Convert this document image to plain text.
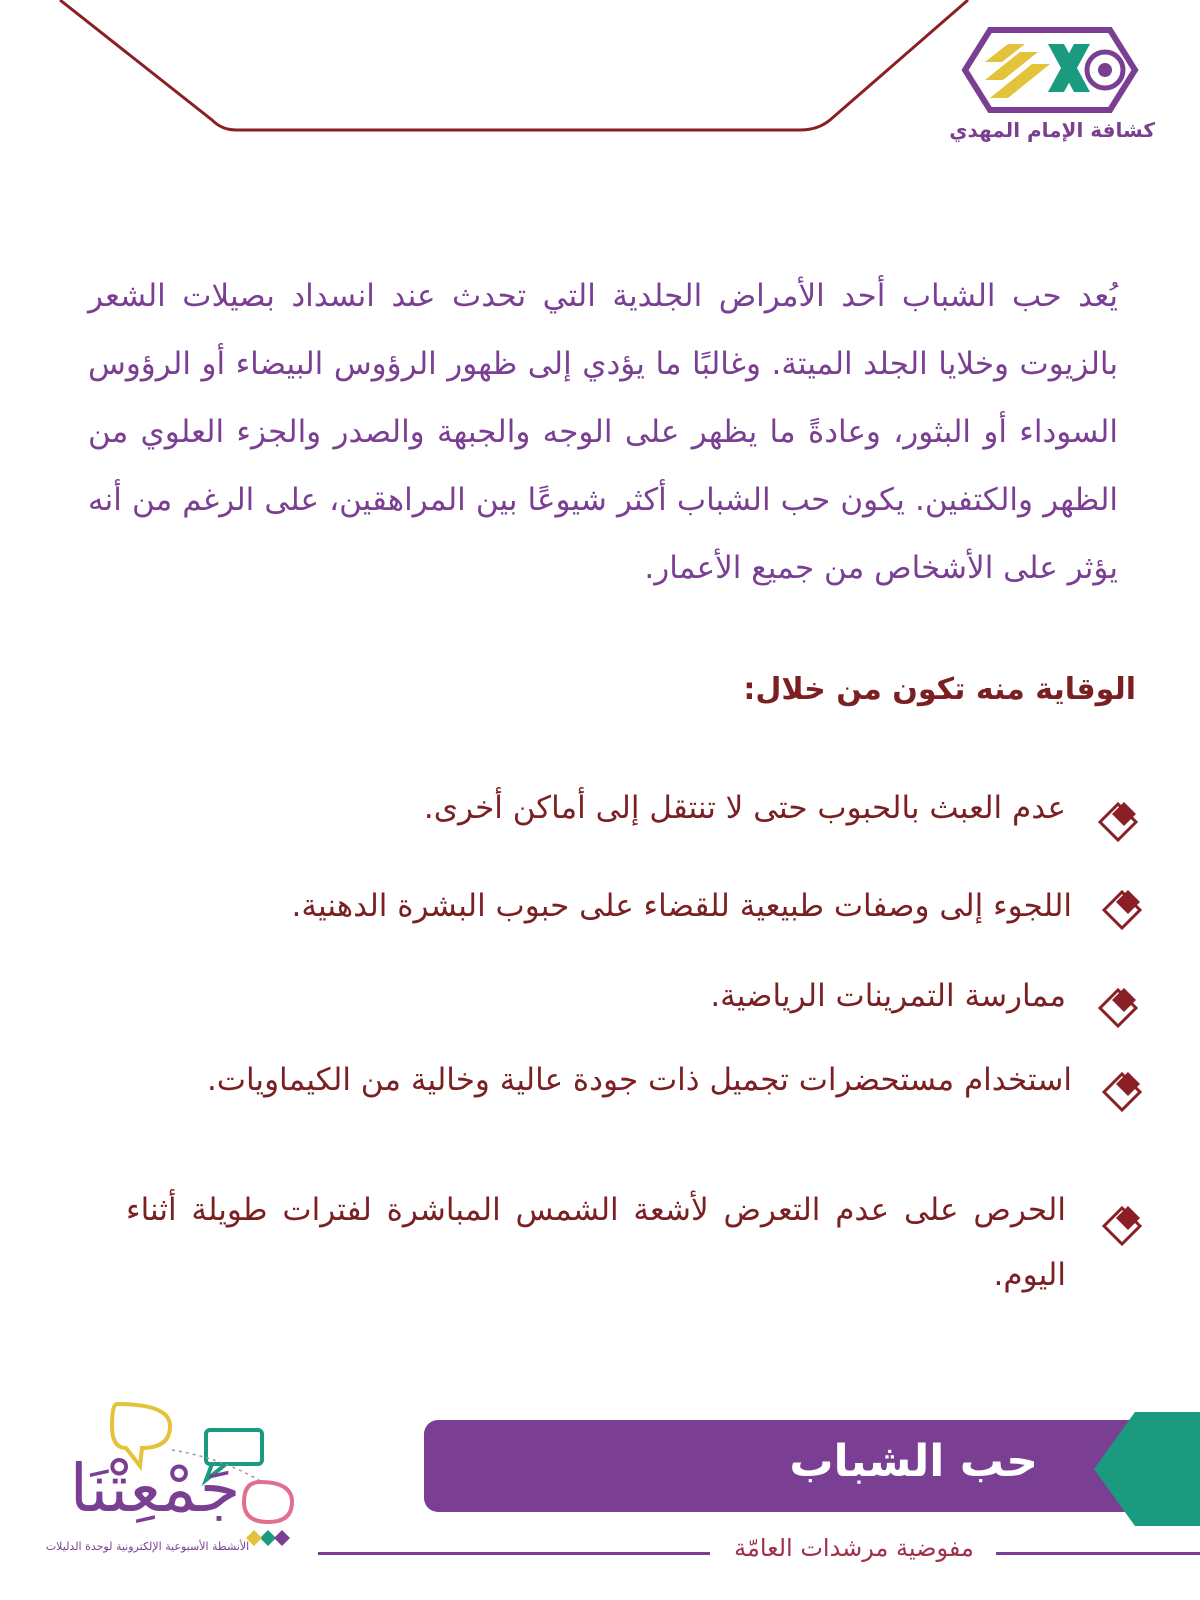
كشافة الإمام المهدي
يُعد حب الشباب أحد الأمراض الجلدية التي تحدث عند انسداد بصيلات الشعر بالزيوت وخلايا الجلد الميتة. وغالبًا ما يؤدي إلى ظهور الرؤوس البيضاء أو الرؤوس السوداء أو البثور، وعادةً ما يظهر على الوجه والجبهة والصدر والجزء العلوي من الظهر والكتفين. يكون حب الشباب أكثر شيوعًا بين المراهقين، على الرغم من أنه يؤثر على الأشخاص من جميع الأعمار.
الوقاية منه تكون من خلال:
عدم العبث بالحبوب حتى لا تنتقل إلى أماكن أخرى.
اللجوء إلى وصفات طبيعية للقضاء على حبوب البشرة الدهنية.
ممارسة التمرينات الرياضية.
استخدام مستحضرات تجميل ذات جودة عالية وخالية من الكيماويات.
الحرص على عدم التعرض لأشعة الشمس المباشرة لفترات طويلة أثناء اليوم.
حب الشباب
مفوضية مرشدات العامّة
جَمْعِتْنَا
الأنشطة الأسبوعية الإلكترونية لوحدة الدليلات
